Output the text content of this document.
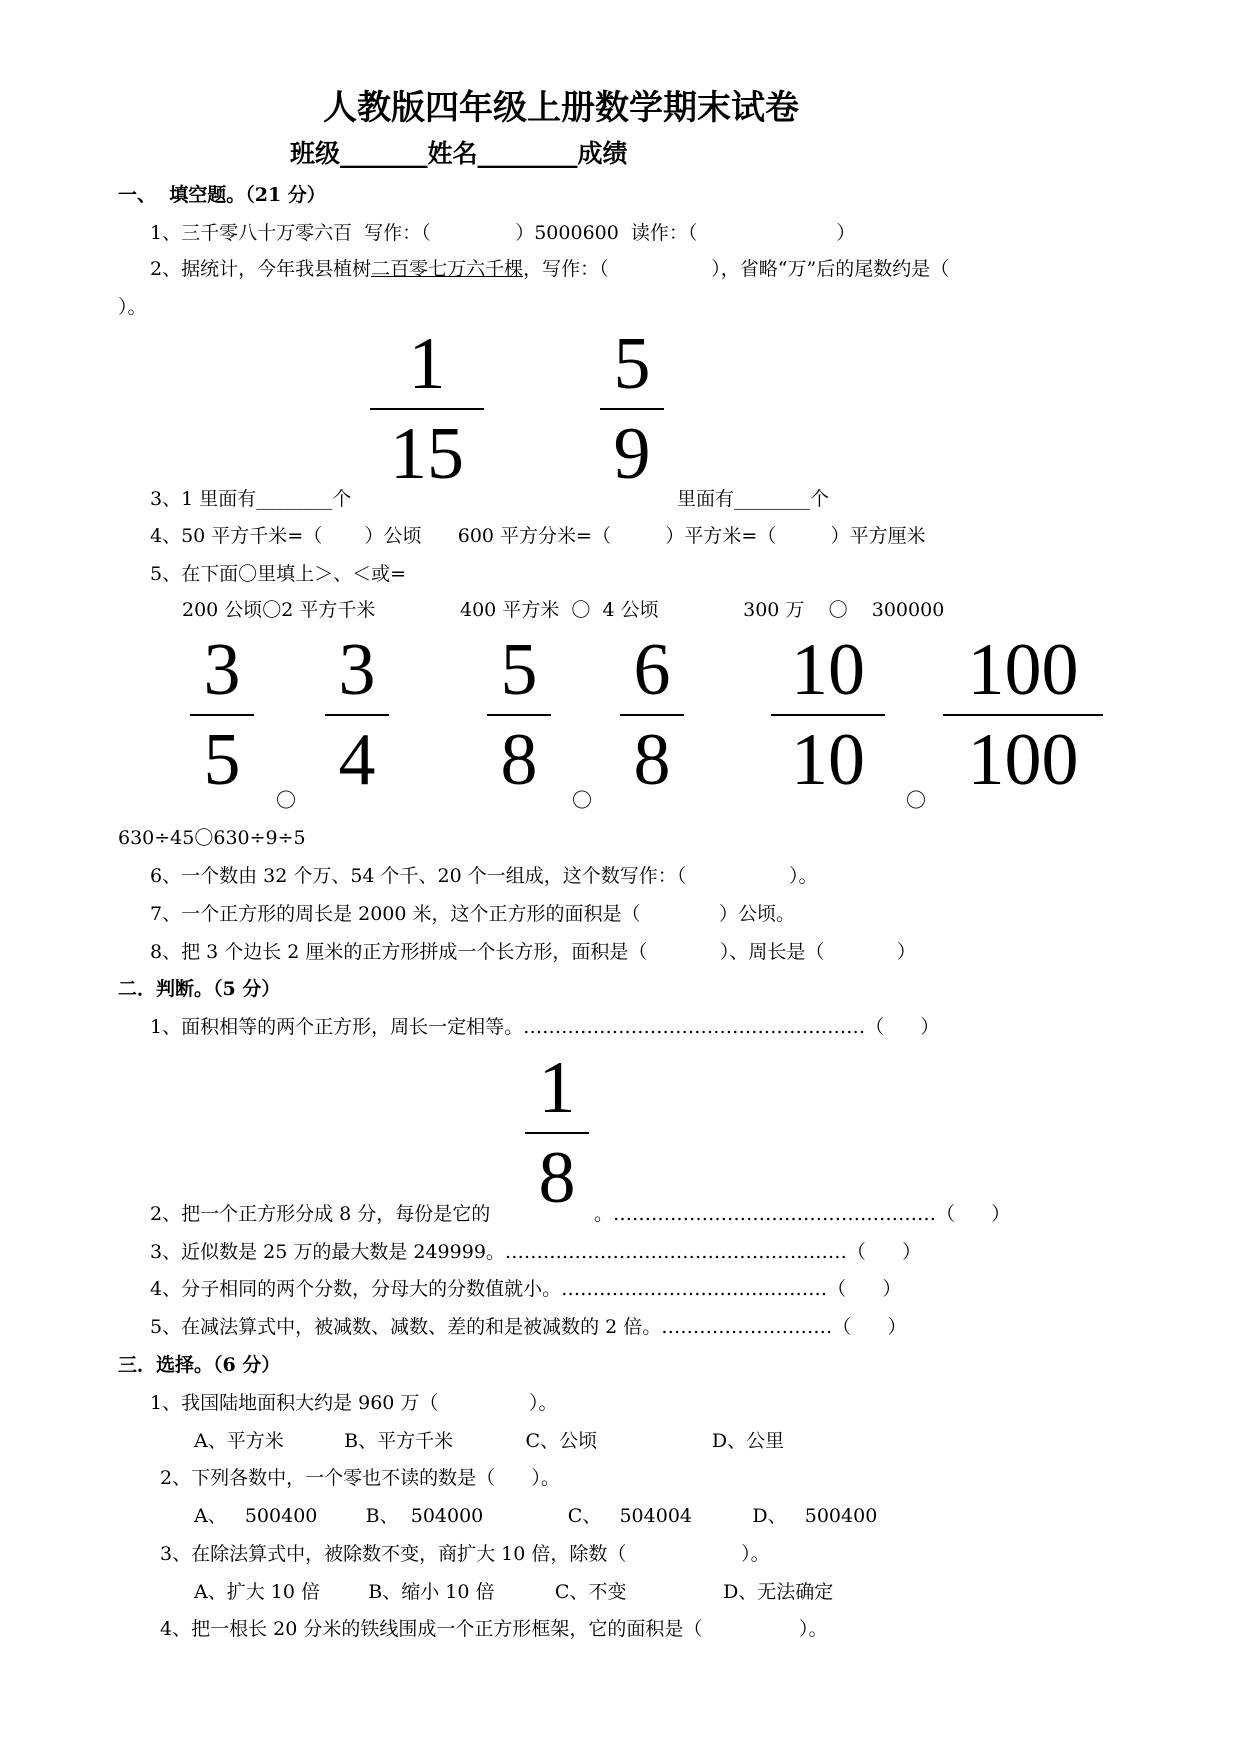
人教版四年级上册数学期末试卷
班级_______姓名________成绩
一、  填空题。（21 分）
1、三千零八十万零六百  写作：（              ）5000600  读作：（                       ）
2、据统计，今年我县植树二百零七万六千棵，写作：（                 ），省略“万”后的尾数约是（
）。
1
15
5
9
3、1 里面有________个	里面有________个
4、50 平方千米=（       ）公顷      600 平方分米=（         ）平方米=（         ）平方厘米
5、在下面〇里填上＞、＜或=
200 公顷〇2 平方千米              400 平方米  〇  4 公顷              300 万    〇    300000
3
5	〇
3
4
5
8	〇
6
8
10
10	〇
100
100
630÷45〇630÷9÷5
6、一个数由 32 个万、54 个千、20 个一组成，这个数写作：（                 ）。
7、一个正方形的周长是 2000 米，这个正方形的面积是（             ）公顷。
8、把 3 个边长 2 厘米的正方形拼成一个长方形，面积是（            ）、周长是（            ）
二．判断。（5 分）
1、面积相等的两个正方形，周长一定相等。………………………………………………（      ）
1
8
2、把一个正方形分成 8 分，每份是它的	。……………………………………………（      ）
3、近似数是 25 万的最大数是 249999。………………………………………………（      ）
4、分子相同的两个分数，分母大的分数值就小。……………………………………（      ）
5、在减法算式中，被减数、减数、差的和是被减数的 2 倍。………………………（      ）
三．选择。（6 分）
1、我国陆地面积大约是 960 万（               ）。
A、平方米          B、平方千米            C、公顷                   D、公里
2、下列各数中，一个零也不读的数是（      ）。
A、   500400        B、  504000              C、   504004          D、   500400
3、在除法算式中，被除数不变，商扩大 10 倍，除数（                   ）。
A、扩大 10 倍        B、缩小 10 倍          C、不变                D、无法确定
4、把一根长 20 分米的铁线围成一个正方形框架，它的面积是（                ）。
